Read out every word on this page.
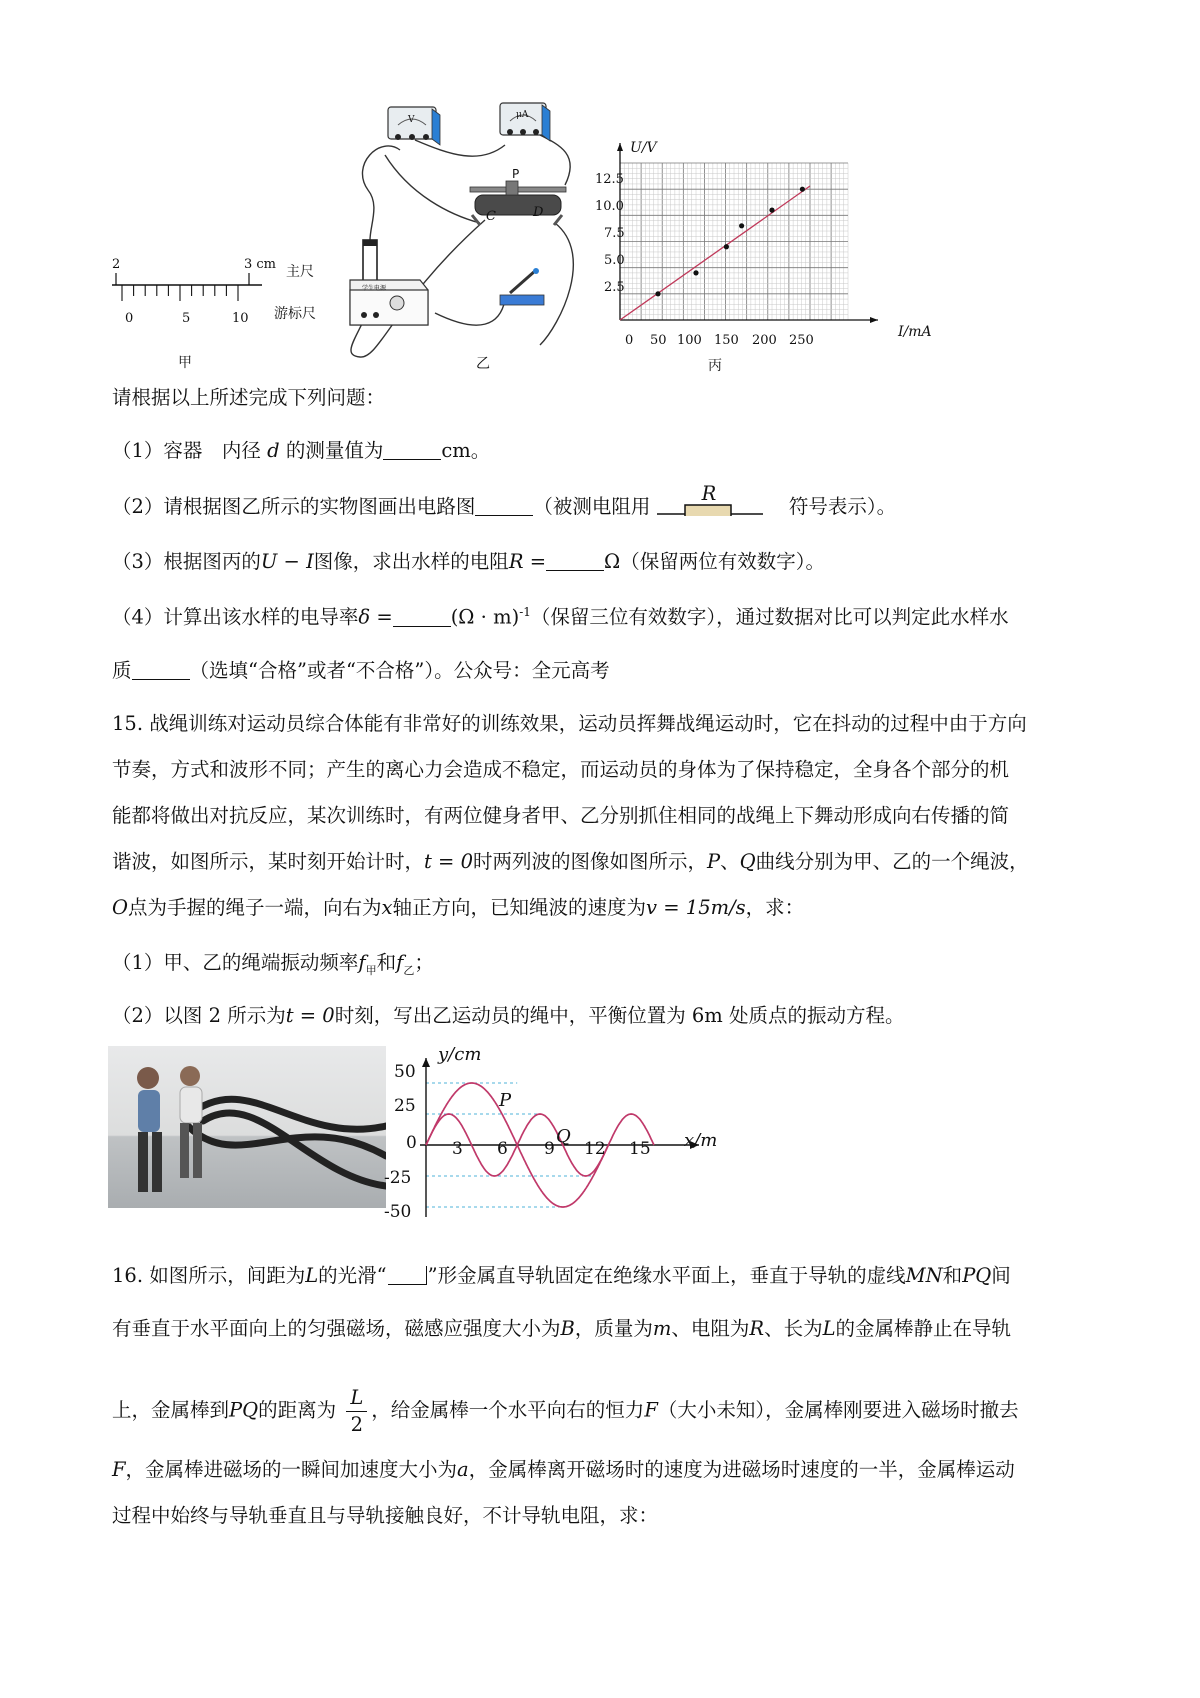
2	3 cm 主尺
游标尺
0	5	10
甲
V	μA
P
C	D
学生电源
乙
U/V
I/mA
12.5
10.0
7.5
5.0
2.5
0 50 100 150 200 250
丙
请根据以上所述完成下列问题：
（1）容器　内径 d 的测量值为	cm。
（2）请根据图乙所示的实物图画出电路图	（被测电阻用
R
符号表示）。
（3）根据图丙的U − I图像，求出水样的电阻R =	Ω（保留两位有效数字）。
（4）计算出该水样的电导率δ =	$(\Omega \cdot m)^{-1}$（保留三位有效数字），通过数据对比可以判定此水样水
质	（选填“合格”或者“不合格”）。公众号：全元高考
15. 战绳训练对运动员综合体能有非常好的训练效果，运动员挥舞战绳运动时，它在抖动的过程中由于方向
节奏，方式和波形不同；产生的离心力会造成不稳定，而运动员的身体为了保持稳定，全身各个部分的机
能都将做出对抗反应，某次训练时，有两位健身者甲、乙分别抓住相同的战绳上下舞动形成向右传播的简
谐波，如图所示，某时刻开始计时，t = 0时两列波的图像如图所示，P、Q曲线分别为甲、乙的一个绳波，
O点为手握的绳子一端，向右为x轴正方向，已知绳波的速度为v = 15m/s，求：
（1）甲、乙的绳端振动频率$f_甲$和$f_乙$；
（2）以图 2 所示为t = 0时刻，写出乙运动员的绳中，平衡位置为 6m 处质点的振动方程。
y/cm
x/m
50
25
0
-25
-50
3 6 9 12 15
P
Q
16. 如图所示，间距为L的光滑“ ”形金属直导轨固定在绝缘水平面上，垂直于导轨的虚线MN和PQ间
有垂直于水平面向上的匀强磁场，磁感应强度大小为B，质量为m、电阻为R、长为L的金属棒静止在导轨
上，金属棒到PQ的距离为 $\frac{L}{2}$ ，给金属棒一个水平向右的恒力F（大小未知），金属棒刚要进入磁场时撤去
F，金属棒进磁场的一瞬间加速度大小为a，金属棒离开磁场时的速度为进磁场时速度的一半，金属棒运动
过程中始终与导轨垂直且与导轨接触良好，不计导轨电阻，求：
